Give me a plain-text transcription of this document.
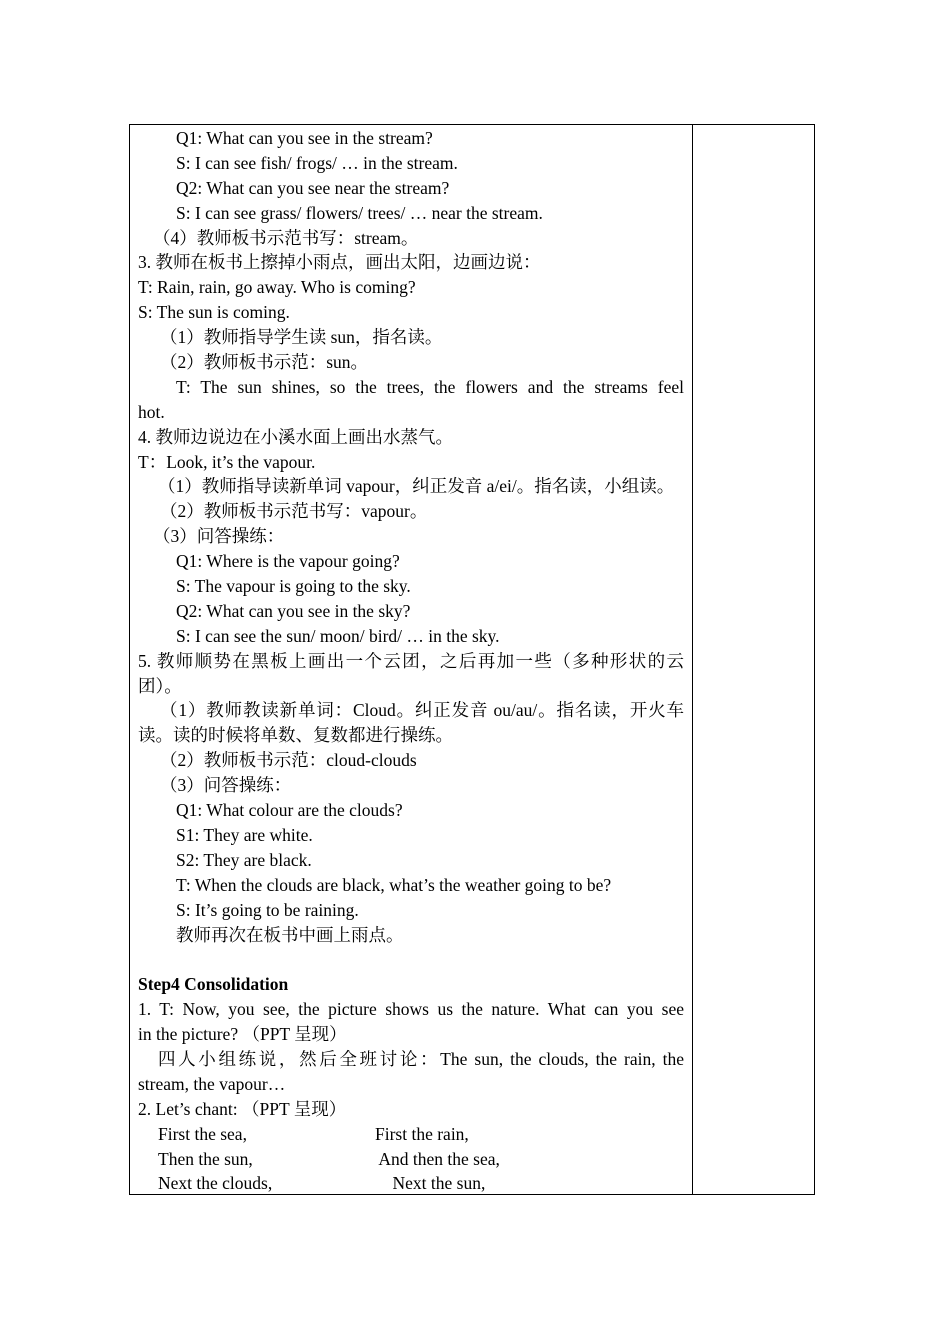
Q1: What can you see in the stream?
S: I can see fish/ frogs/ … in the stream.
Q2: What can you see near the stream?
S: I can see grass/ flowers/ trees/ … near the stream.
（4）教师板书示范书写：stream。
3. 教师在板书上擦掉小雨点，画出太阳，边画边说：
T: Rain, rain, go away. Who is coming?
S: The sun is coming.
（1）教师指导学生读 sun，指名读。
（2）教师板书示范：sun。
T: The sun shines, so the trees, the flowers and the streams feel
hot.
4. 教师边说边在小溪水面上画出水蒸气。
T：Look, it’s the vapour.
（1）教师指导读新单词 vapour，纠正发音 a/ei/。指名读，小组读。
（2）教师板书示范书写：vapour。
（3）问答操练：
Q1: Where is the vapour going?
S: The vapour is going to the sky.
Q2: What can you see in the sky?
S: I can see the sun/ moon/ bird/ … in the sky.
5. 教师顺势在黑板上画出一个云团，之后再加一些（多种形状的云
团）。
（1）教师教读新单词：Cloud。纠正发音 ou/au/。指名读，开火车
读。读的时候将单数、复数都进行操练。
（2）教师板书示范：cloud-clouds
（3）问答操练：
Q1: What colour are the clouds?
S1: They are white.
S2: They are black.
T: When the clouds are black, what’s the weather going to be?
S: It’s going to be raining.
教师再次在板书中画上雨点。
Step4 Consolidation
1. T: Now, you see, the picture shows us the nature. What can you see
in the picture? （PPT 呈现）
四人小组练说，然后全班讨论：The sun, the clouds, the rain, the
stream, the vapour…
2. Let’s chant: （PPT 呈现）
First the sea,	First the rain,
Then the sun,	And then the sea,
Next the clouds,	Next the sun,
